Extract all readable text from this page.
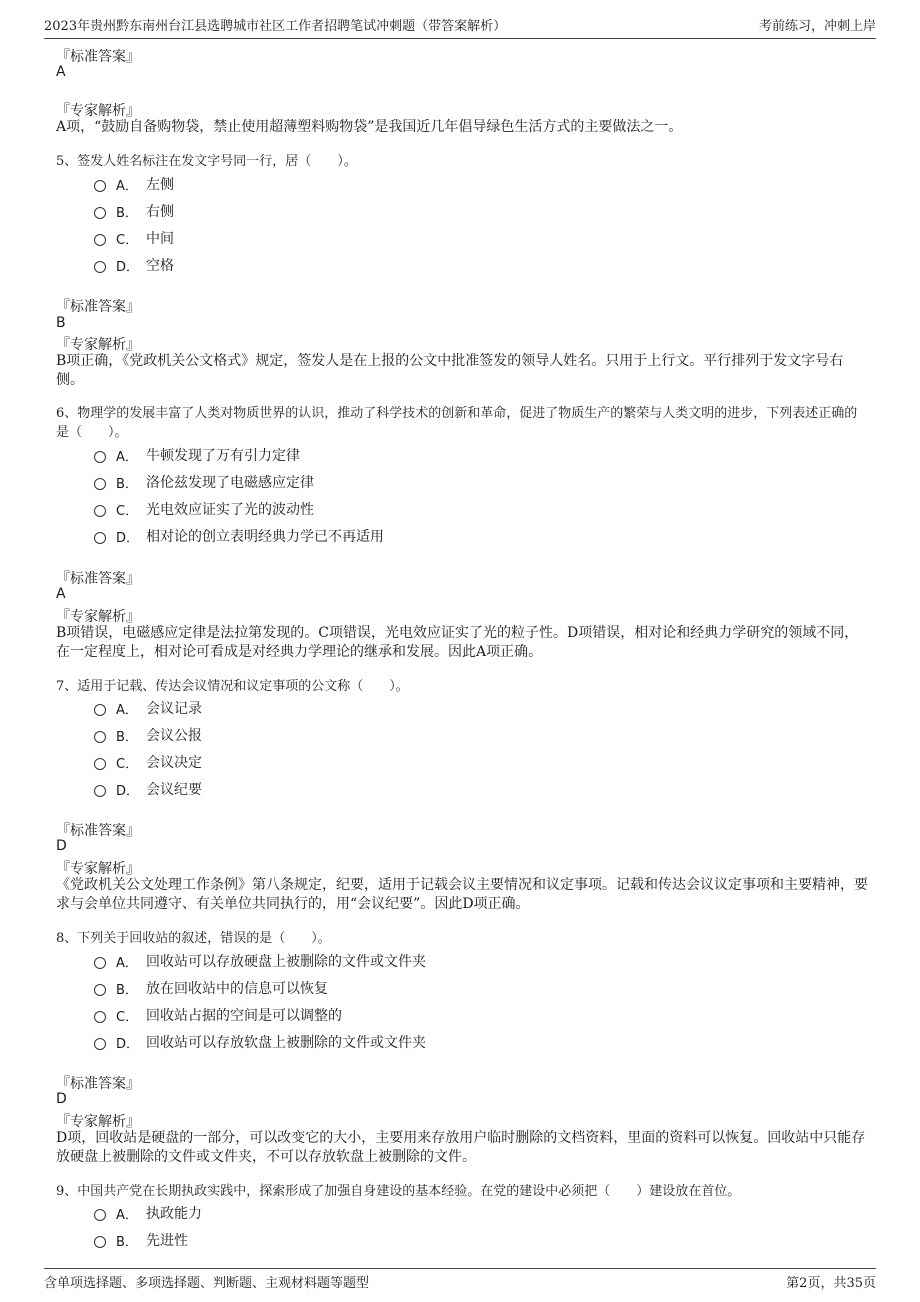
2023年贵州黔东南州台江县选聘城市社区工作者招聘笔试冲刺题（带答案解析）	考前练习，冲刺上岸
『标准答案』
A
『专家解析』
A项，“鼓励自备购物袋，禁止使用超薄塑料购物袋”是我国近几年倡导绿色生活方式的主要做法之一。
5、签发人姓名标注在发文字号同一行，居（　　）。
A． 左侧
B． 右侧
C． 中间
D． 空格
『标准答案』
B
『专家解析』
B项正确，《党政机关公文格式》规定，签发人是在上报的公文中批准签发的领导人姓名。只用于上行文。平行排列于发文字号右侧。
6、物理学的发展丰富了人类对物质世界的认识，推动了科学技术的创新和革命，促进了物质生产的繁荣与人类文明的进步，下列表述正确的是（　　）。
A． 牛顿发现了万有引力定律
B． 洛伦兹发现了电磁感应定律
C． 光电效应证实了光的波动性
D． 相对论的创立表明经典力学已不再适用
『标准答案』
A
『专家解析』
B项错误，电磁感应定律是法拉第发现的。C项错误，光电效应证实了光的粒子性。D项错误，相对论和经典力学研究的领域不同，在一定程度上，相对论可看成是对经典力学理论的继承和发展。因此A项正确。
7、适用于记载、传达会议情况和议定事项的公文称（　　）。
A． 会议记录
B． 会议公报
C． 会议决定
D． 会议纪要
『标准答案』
D
『专家解析』
《党政机关公文处理工作条例》第八条规定，纪要，适用于记载会议主要情况和议定事项。记载和传达会议议定事项和主要精神，要求与会单位共同遵守、有关单位共同执行的，用“会议纪要”。因此D项正确。
8、下列关于回收站的叙述，错误的是（　　）。
A． 回收站可以存放硬盘上被删除的文件或文件夹
B． 放在回收站中的信息可以恢复
C． 回收站占据的空间是可以调整的
D． 回收站可以存放软盘上被删除的文件或文件夹
『标准答案』
D
『专家解析』
D项，回收站是硬盘的一部分，可以改变它的大小，主要用来存放用户临时删除的文档资料，里面的资料可以恢复。回收站中只能存放硬盘上被删除的文件或文件夹，不可以存放软盘上被删除的文件。
9、中国共产党在长期执政实践中，探索形成了加强自身建设的基本经验。在党的建设中必须把（　　）建设放在首位。
A． 执政能力
B． 先进性
含单项选择题、多项选择题、判断题、主观材料题等题型	第2页，共35页
